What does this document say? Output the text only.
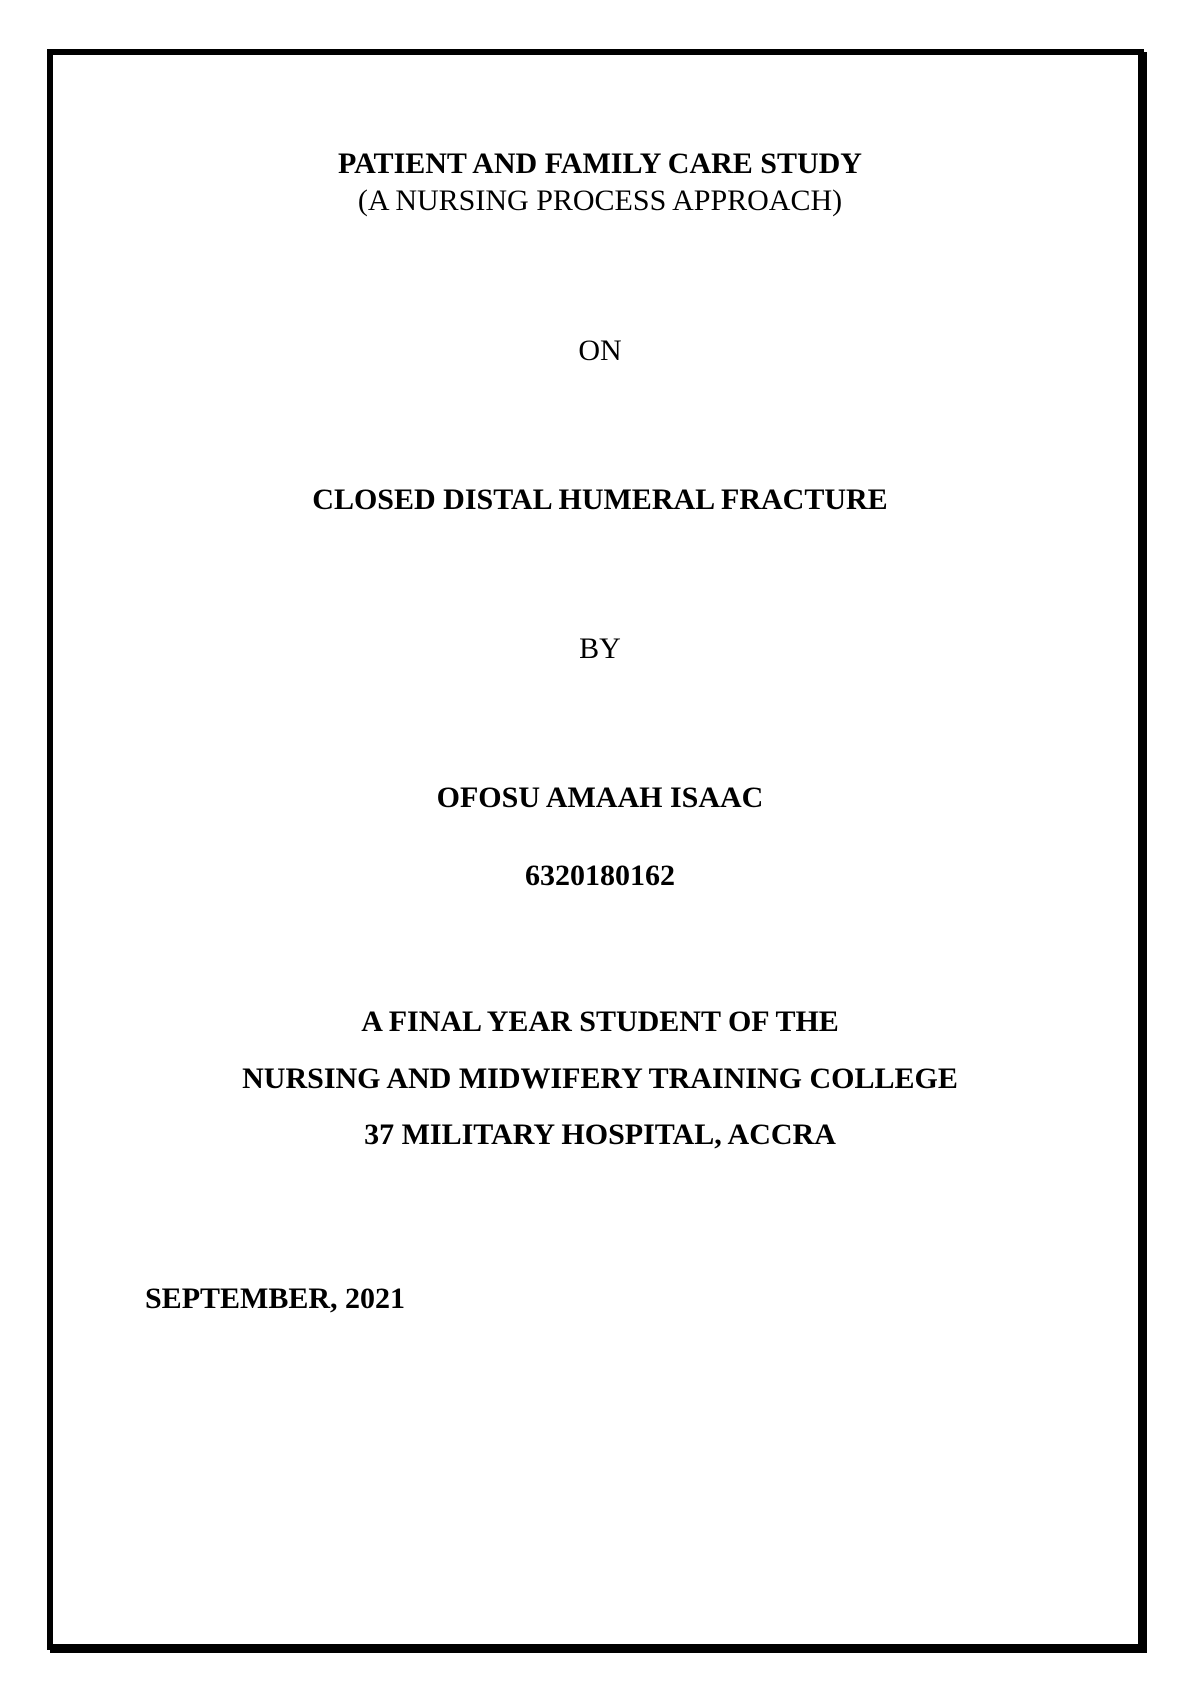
PATIENT AND FAMILY CARE STUDY
(A NURSING PROCESS APPROACH)
ON
CLOSED DISTAL HUMERAL FRACTURE
BY
OFOSU AMAAH ISAAC
6320180162
A FINAL YEAR STUDENT OF THE
NURSING AND MIDWIFERY TRAINING COLLEGE
37 MILITARY HOSPITAL, ACCRA
SEPTEMBER, 2021
